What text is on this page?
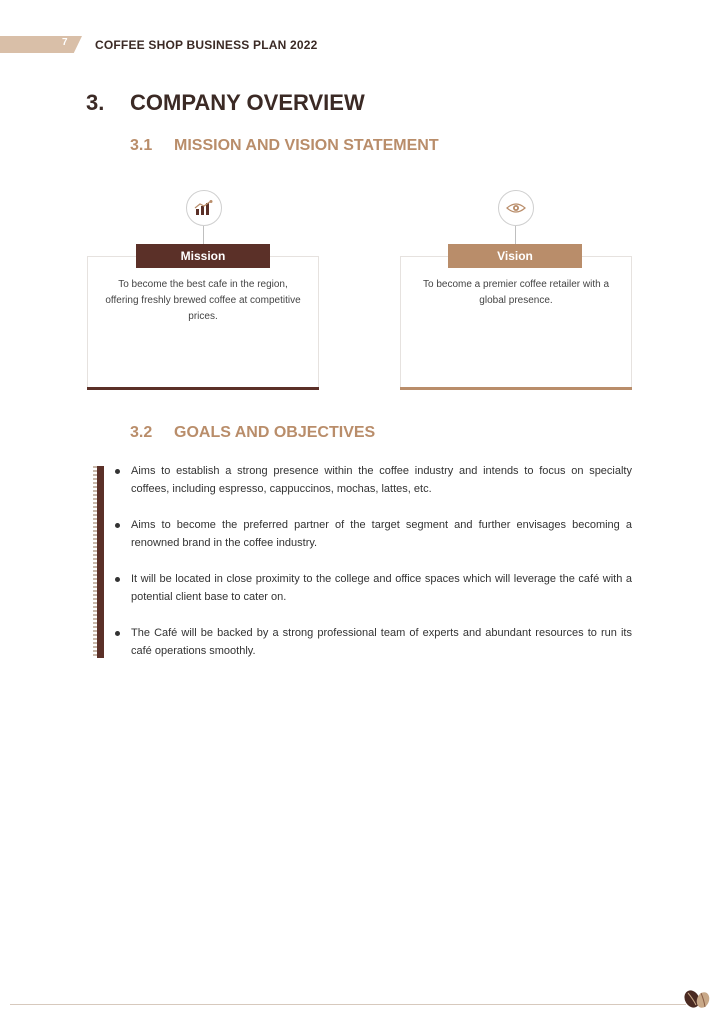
7 COFFEE SHOP BUSINESS PLAN 2022
3. COMPANY OVERVIEW
3.1 MISSION AND VISION STATEMENT
To become the best cafe in the region, offering freshly brewed coffee at competitive prices.
Mission
To become a premier coffee retailer with a global presence.
Vision
3.2 GOALS AND OBJECTIVES
Aims to establish a strong presence within the coffee industry and intends to focus on specialty coffees, including espresso, cappuccinos, mochas, lattes, etc.
Aims to become the preferred partner of the target segment and further envisages becoming a renowned brand in the coffee industry.
It will be located in close proximity to the college and office spaces which will leverage the café with a potential client base to cater on.
The Café will be backed by a strong professional team of experts and abundant resources to run its café operations smoothly.
